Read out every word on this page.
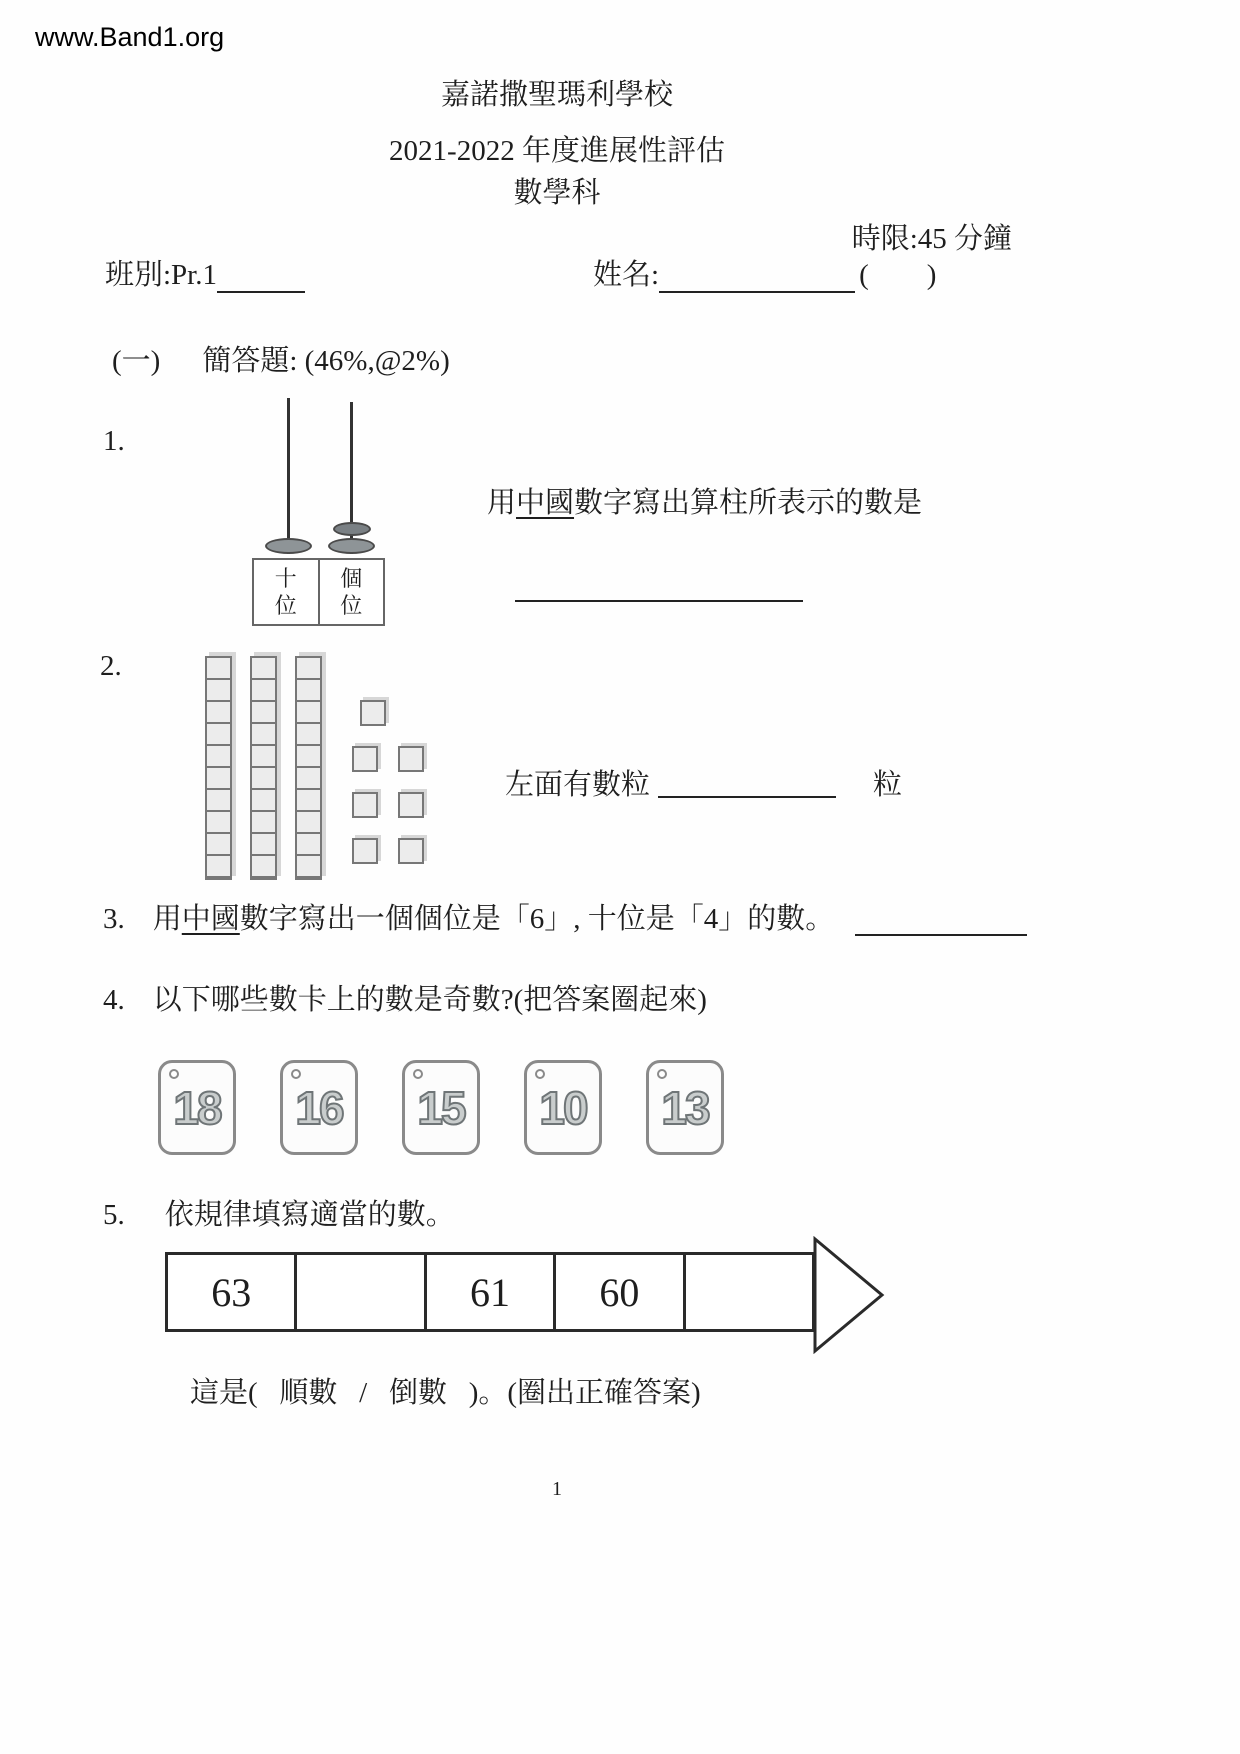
www.Band1.org
嘉諾撒聖瑪利學校
2021-2022 年度進展性評估
數學科
時限:45 分鐘
班別:Pr.1	姓名:	(        )
(一) 簡答題: (46%,@2%)
1.
十
位
個
位
用中國數字寫出算柱所表示的數是
2.
左面有數粒	粒
3. 用中國數字寫出一個個位是「6」, 十位是「4」的數。
4. 以下哪些數卡上的數是奇數?(把答案圈起來)
18 16 15 10 13
5. 依規律填寫適當的數。
63	61	60
這是(   順數   /   倒數   )。(圈出正確答案)
1
